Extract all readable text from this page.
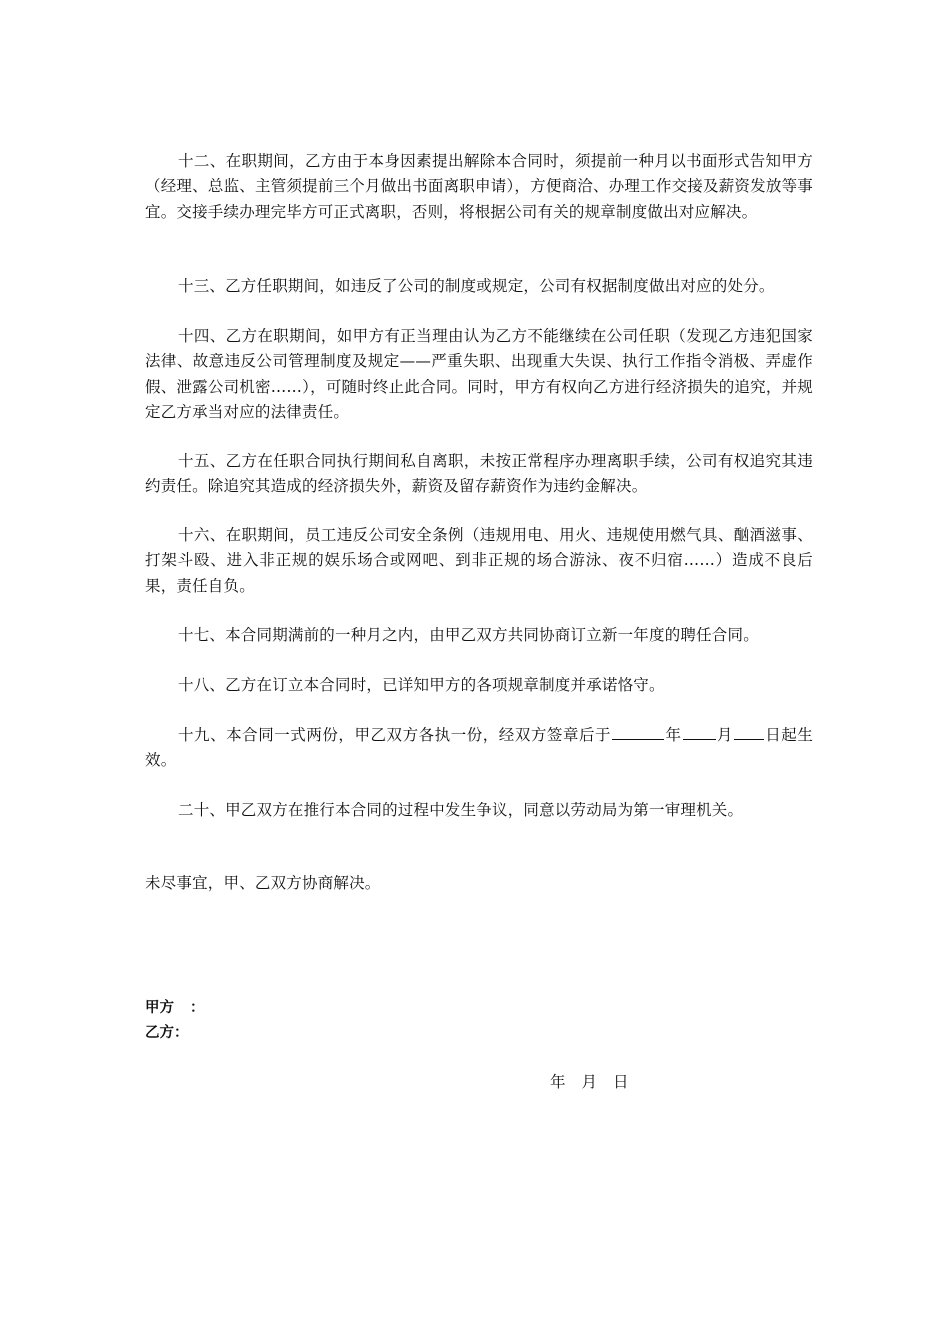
十二、在职期间，乙方由于本身因素提出解除本合同时，须提前一种月以书面形式告知甲方（经理、总监、主管须提前三个月做出书面离职申请），方便商洽、办理工作交接及薪资发放等事宜。交接手续办理完毕方可正式离职，否则，将根据公司有关的规章制度做出对应解决。

十三、乙方任职期间，如违反了公司的制度或规定，公司有权据制度做出对应的处分。

十四、乙方在职期间，如甲方有正当理由认为乙方不能继续在公司任职（发现乙方违犯国家法律、故意违反公司管理制度及规定——严重失职、出现重大失误、执行工作指令消极、弄虚作假、泄露公司机密……），可随时终止此合同。同时，甲方有权向乙方进行经济损失的追究，并规定乙方承当对应的法律责任。

十五、乙方在任职合同执行期间私自离职，未按正常程序办理离职手续，公司有权追究其违约责任。除追究其造成的经济损失外，薪资及留存薪资作为违约金解决。

十六、在职期间，员工违反公司安全条例（违规用电、用火、违规使用燃气具、酗酒滋事、打架斗殴、进入非正规的娱乐场合或网吧、到非正规的场合游泳、夜不归宿……）造成不良后果，责任自负。

十七、本合同期满前的一种月之内，由甲乙双方共同协商订立新一年度的聘任合同。

十八、乙方在订立本合同时，已详知甲方的各项规章制度并承诺恪守。

十九、本合同一式两份，甲乙双方各执一份，经双方签章后于	年 月 日起生效。

二十、甲乙双方在推行本合同的过程中发生争议，同意以劳动局为第一审理机关。

未尽事宜，甲、乙双方协商解决。

甲方 ：

乙方：

年 月 日
